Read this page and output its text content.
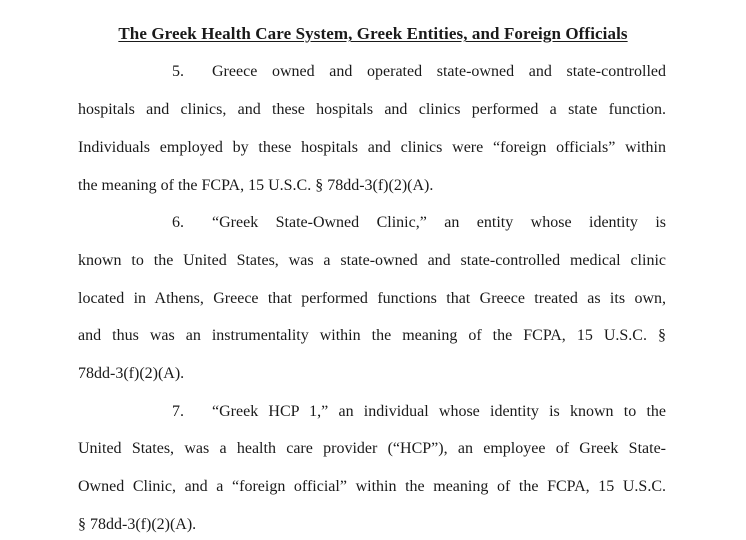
The Greek Health Care System, Greek Entities, and Foreign Officials
5. Greece owned and operated state-owned and state-controlled
hospitals and clinics, and these hospitals and clinics performed a state function.
Individuals employed by these hospitals and clinics were “foreign officials” within
the meaning of the FCPA, 15 U.S.C. § 78dd-3(f)(2)(A).
6. “Greek State-Owned Clinic,” an entity whose identity is
known to the United States, was a state-owned and state-controlled medical clinic
located in Athens, Greece that performed functions that Greece treated as its own,
and thus was an instrumentality within the meaning of the FCPA, 15 U.S.C. §
78dd-3(f)(2)(A).
7. “Greek HCP 1,” an individual whose identity is known to the
United States, was a health care provider (“HCP”), an employee of Greek State-
Owned Clinic, and a “foreign official” within the meaning of the FCPA, 15 U.S.C.
§ 78dd-3(f)(2)(A).
